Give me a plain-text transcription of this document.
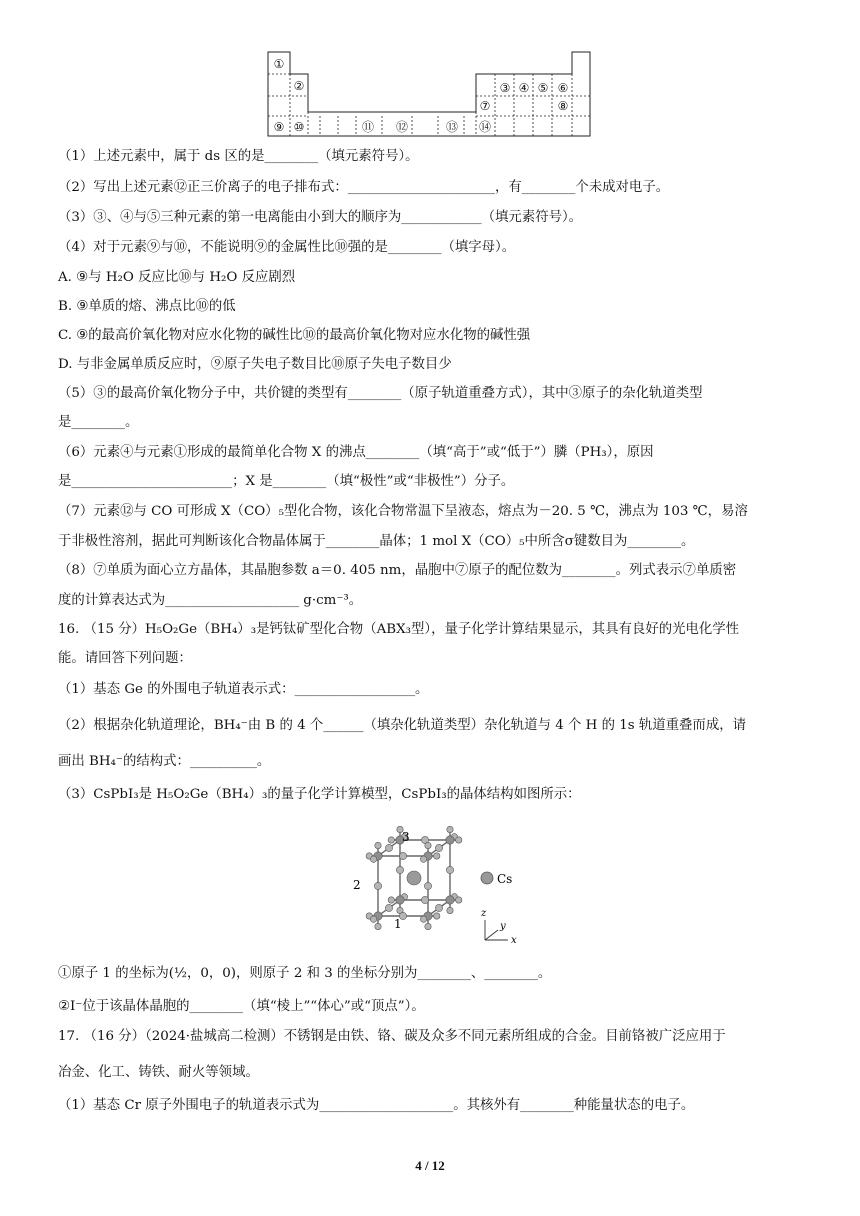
①
②	③ ④ ⑤ ⑥
⑦	⑧
⑨ ⑩	⑪ ⑫	⑬ ⑭
（1）上述元素中，属于 ds 区的是________（填元素符号）。
（2）写出上述元素⑫正三价离子的电子排布式：______________________，有________个未成对电子。
（3）③、④与⑤三种元素的第一电离能由小到大的顺序为____________（填元素符号）。
（4）对于元素⑨与⑩，不能说明⑨的金属性比⑩强的是________（填字母）。
A. ⑨与 H₂O 反应比⑩与 H₂O 反应剧烈
B. ⑨单质的熔、沸点比⑩的低
C. ⑨的最高价氧化物对应水化物的碱性比⑩的最高价氧化物对应水化物的碱性强
D. 与非金属单质反应时，⑨原子失电子数目比⑩原子失电子数目少
（5）③的最高价氧化物分子中，共价键的类型有________（原子轨道重叠方式），其中③原子的杂化轨道类型
是________。
（6）元素④与元素①形成的最简单化合物 X 的沸点________（填“高于”或“低于”）膦（PH₃），原因
是________________________；X 是________（填“极性”或“非极性”）分子。
（7）元素⑫与 CO 可形成 X（CO）₅型化合物，该化合物常温下呈液态，熔点为－20. 5 ℃，沸点为 103 ℃，易溶
于非极性溶剂，据此可判断该化合物晶体属于________晶体；1 mol X（CO）₅中所含σ键数目为________。
（8）⑦单质为面心立方晶体，其晶胞参数 a＝0. 405 nm，晶胞中⑦原子的配位数为________。列式表示⑦单质密
度的计算表达式为____________________ g·cm⁻³。
16. （15 分）H₅O₂Ge（BH₄）₃是钙钛矿型化合物（ABX₃型），量子化学计算结果显示，其具有良好的光电化学性
能。请回答下列问题：
（1）基态 Ge 的外围电子轨道表示式：__________________。
（2）根据杂化轨道理论，BH₄⁻由 B 的 4 个______（填杂化轨道类型）杂化轨道与 4 个 H 的 1s 轨道重叠而成，请
画出 BH₄⁻的结构式：__________。
（3）CsPbI₃是 H₅O₂Ge（BH₄）₃的量子化学计算模型，CsPbI₃的晶体结构如图所示：
①原子 1 的坐标为(½，0，0)，则原子 2 和 3 的坐标分别为________、________。
②I⁻位于该晶体晶胞的________（填“棱上”“体心”或“顶点”）。
17. （16 分）（2024·盐城高二检测）不锈钢是由铁、铬、碳及众多不同元素所组成的合金。目前铬被广泛应用于
冶金、化工、铸铁、耐火等领域。
（1）基态 Cr 原子外围电子的轨道表示式为____________________。其核外有________种能量状态的电子。
Cs
1
2
3
z
y
x
4 / 12
